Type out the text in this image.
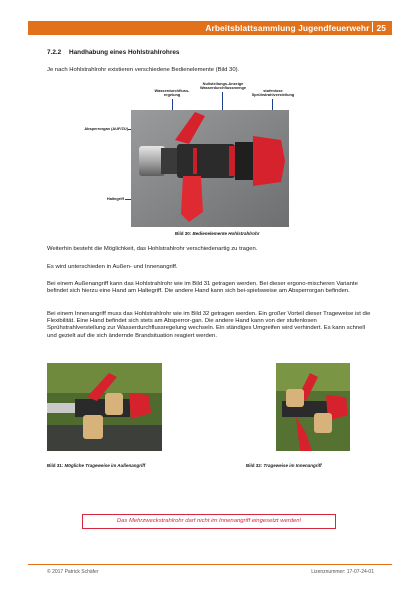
Arbeitsblattsammlung Jugendfeuerwehr 25
7.2.2 Handhabung eines Hohlstrahlrohres
Je nach Hohlstrahlrohr existieren verschiedene Bedienelemente (Bild 30).
Wasserdurchfluss-regelung
Nullstellungs-Anzeige Wasserdurchflussmenge
stufenlose Sprühstrahlverstellung
Absperrorgan (AUF/ZU)
Haltegriff
Bild 30: Bedienelemente Hohlstrahlrohr
Weiterhin besteht die Möglichkeit, das Hohlstrahlrohr verschiedenartig zu tragen.
Es wird unterschieden in Außen- und Innenangriff.
Bei einem Außenangriff kann das Hohlstrahlrohr wie im Bild 31 getragen werden. Bei dieser ergono-mischeren Variante befindet sich hierzu eine Hand am Haltegriff. Die andere Hand kann sich bei-spielsweise am Absperrorgan befinden.
Bei einem Innenangriff muss das Hohlstrahlrohr wie im Bild 32 getragen werden. Ein großer Vorteil dieser Trageweise ist die Flexibilität. Eine Hand befindet sich stets am Absperror-gan. Die andere Hand kann von der stufenlosen Sprühstrahlverstellung zur Wasserdurchflussregelung wechseln. Ein ständiges Umgreifen wird verhindert. Es kann schnell und gezielt auf die sich ändernde Brandsituation reagiert werden.
Bild 31: Mögliche Trageweise im Außenangriff	Bild 32: Trageweise im Innenangriff
Das Mehrzweckstrahlrohr darf nicht im Innenangriff eingesetzt werden!
© 2017 Patrick Schäfer	Lizenznummer: 17-07-24-01
